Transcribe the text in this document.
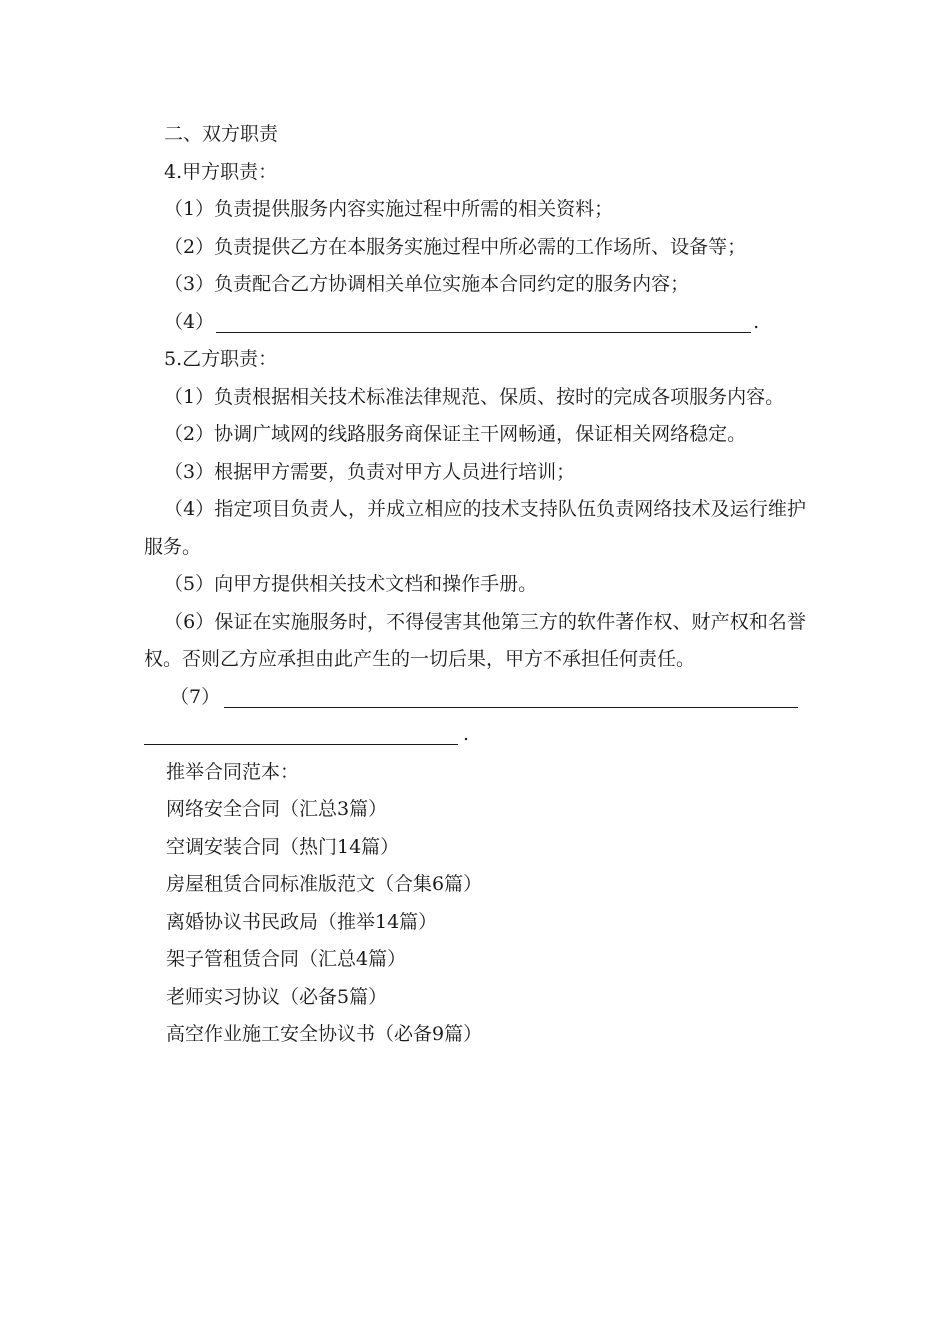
二、双方职责

4.甲方职责：

（1）负责提供服务内容实施过程中所需的相关资料；

（2）负责提供乙方在本服务实施过程中所必需的工作场所、设备等；

（3）负责配合乙方协调相关单位实施本合同约定的服务内容；

（4）	.

5.乙方职责：

（1）负责根据相关技术标准法律规范、保质、按时的完成各项服务内容。

（2）协调广域网的线路服务商保证主干网畅通，保证相关网络稳定。

（3）根据甲方需要，负责对甲方人员进行培训；

（4）指定项目负责人，并成立相应的技术支持队伍负责网络技术及运行维护服务。

（5）向甲方提供相关技术文档和操作手册。

（6）保证在实施服务时，不得侵害其他第三方的软件著作权、财产权和名誉权。否则乙方应承担由此产生的一切后果，甲方不承担任何责任。

（7）

.

推举合同范本：

网络安全合同（汇总3篇）

空调安装合同（热门14篇）

房屋租赁合同标准版范文（合集6篇）

离婚协议书民政局（推举14篇）

架子管租赁合同（汇总4篇）

老师实习协议（必备5篇）

高空作业施工安全协议书（必备9篇）
